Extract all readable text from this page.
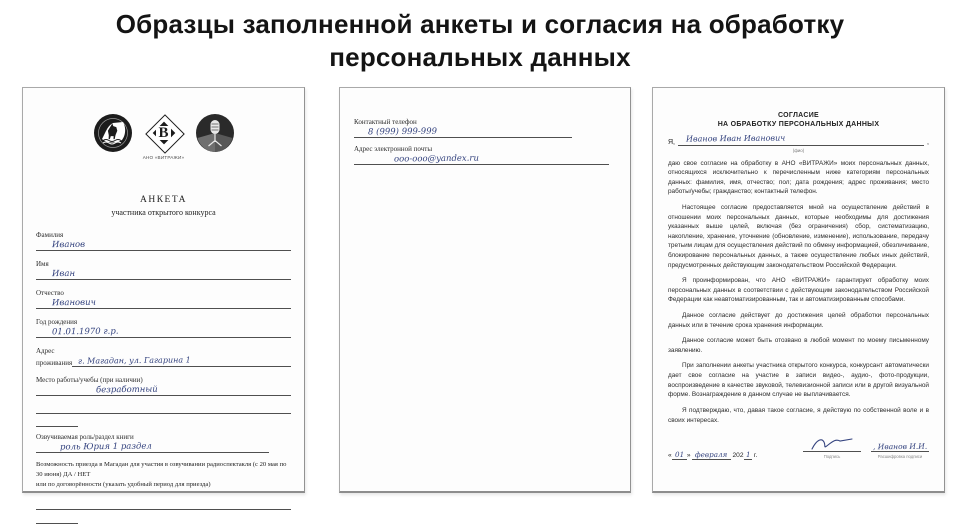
Образцы заполненной анкеты и согласия на обработку персональных данных
В
АНО «ВИТРАЖИ»
АНКЕТА
участника открытого конкурса
Фамилия
Иванов
Имя
Иван
Отчество
Иванович
Год рождения
01.01.1970 г.р.
Адрес
проживания г. Магадан, ул. Гагарина 1
Место работы/учебы (при наличии)
безработный
Озвучиваемая роль/раздел книги
роль Юрия 1 раздел
Возможность приезда в Магадан для участия в озвучивании радиоспектакля (с 20 мая по 30 июня) ДА / НЕТ
или по договорённости (указать удобный период для приезда)
Контактный телефон
8 (999) 999-999
Адрес электронной почты
ооо-ооо@yandex.ru
СОГЛАСИЕ
НА ОБРАБОТКУ ПЕРСОНАЛЬНЫХ ДАННЫХ
Я,	Иванов Иван Иванович	,
(фио)

даю свое согласие на обработку в АНО «ВИТРАЖИ» моих персональных данных, относящихся исключительно к перечисленным ниже категориям персональных данных: фамилия, имя, отчество; пол; дата рождения; адрес проживания; место работы/учебы; гражданство; контактный телефон.

Настоящее согласие предоставляется мной на осуществление действий в отношении моих персональных данных, которые необходимы для достижения указанных выше целей, включая (без ограничения) сбор, систематизацию, накопление, хранение, уточнение (обновление, изменение), использование, передачу третьим лицам для осуществления действий по обмену информацией, обезличивание, блокирование персональных данных, а также осуществление любых иных действий, предусмотренных действующим законодательством Российской Федерации.

Я проинформирован, что АНО «ВИТРАЖИ» гарантирует обработку моих персональных данных в соответствии с действующим законодательством Российской Федерации как неавтоматизированным, так и автоматизированным способами.

Данное согласие действует до достижения целей обработки персональных данных или в течение срока хранения информации.

Данное согласие может быть отозвано в любой момент по моему письменному заявлению.

При заполнении анкеты участника открытого конкурса, конкурсант автоматически дает свое согласие на участие в записи видео-, аудио-, фото-продукции, воспроизведение в качестве звуковой, телевизионной записи или в другой визуальной форме. Вознаграждение в данном случае не выплачивается.

Я подтверждаю, что, давая такое согласие, я действую по собственной воле и в своих интересах.

« 01 » февраля 202 1 г.	Подпись
, Иванов И.И.
Расшифровка подписи
